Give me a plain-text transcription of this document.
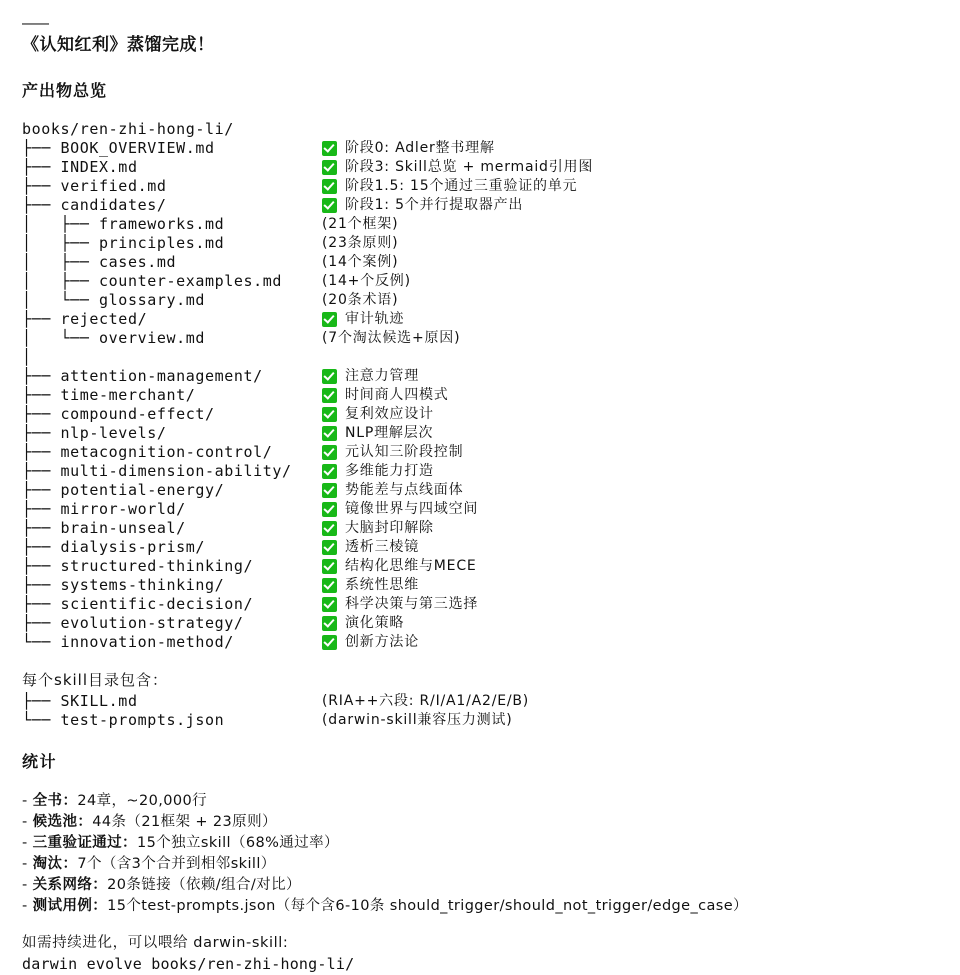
———
《认知红利》蒸馏完成！
产出物总览
books/ren-zhi-hong-li/
├── BOOK_OVERVIEW.md	阶段0: Adler整书理解
├── INDEX.md	阶段3: Skill总览 + mermaid引用图
├── verified.md	阶段1.5: 15个通过三重验证的单元
├── candidates/	阶段1: 5个并行提取器产出
│   ├── frameworks.md	(21个框架)
│   ├── principles.md	(23条原则)
│   ├── cases.md	(14个案例)
│   ├── counter-examples.md	(14+个反例)
│   └── glossary.md	(20条术语)
├── rejected/	审计轨迹
│   └── overview.md	(7个淘汰候选+原因)
│
├── attention-management/	注意力管理
├── time-merchant/	时间商人四模式
├── compound-effect/	复利效应设计
├── nlp-levels/	NLP理解层次
├── metacognition-control/	元认知三阶段控制
├── multi-dimension-ability/	多维能力打造
├── potential-energy/	势能差与点线面体
├── mirror-world/	镜像世界与四域空间
├── brain-unseal/	大脑封印解除
├── dialysis-prism/	透析三棱镜
├── structured-thinking/	结构化思维与MECE
├── systems-thinking/	系统性思维
├── scientific-decision/	科学决策与第三选择
├── evolution-strategy/	演化策略
└── innovation-method/	创新方法论
每个skill目录包含：
├── SKILL.md	(RIA++六段: R/I/A1/A2/E/B)
└── test-prompts.json	(darwin-skill兼容压力测试)
统计
- 全书：24章，~20,000行
- 候选池：44条（21框架 + 23原则）
- 三重验证通过：15个独立skill（68%通过率）
- 淘汰：7个（含3个合并到相邻skill）
- 关系网络：20条链接（依赖/组合/对比）
- 测试用例：15个test-prompts.json（每个含6-10条 should_trigger/should_not_trigger/edge_case）
如需持续进化，可以喂给 darwin-skill:
darwin evolve books/ren-zhi-hong-li/
